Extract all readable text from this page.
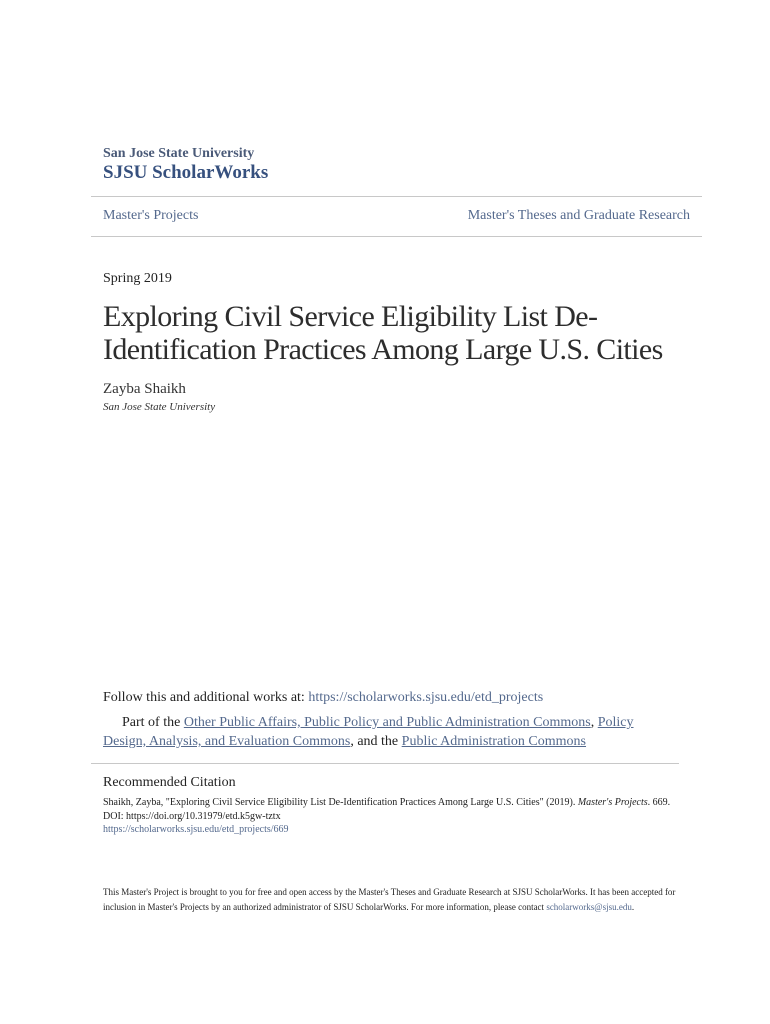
San Jose State University
SJSU ScholarWorks
Master's Projects	Master's Theses and Graduate Research
Spring 2019
Exploring Civil Service Eligibility List De-
Identification Practices Among Large U.S. Cities
Zayba Shaikh
San Jose State University
Follow this and additional works at: https://scholarworks.sjsu.edu/etd_projects
Part of the Other Public Affairs, Public Policy and Public Administration Commons, Policy Design, Analysis, and Evaluation Commons, and the Public Administration Commons
Recommended Citation
Shaikh, Zayba, "Exploring Civil Service Eligibility List De-Identification Practices Among Large U.S. Cities" (2019). Master's Projects. 669.
DOI: https://doi.org/10.31979/etd.k5gw-tztx
https://scholarworks.sjsu.edu/etd_projects/669
This Master's Project is brought to you for free and open access by the Master's Theses and Graduate Research at SJSU ScholarWorks. It has been accepted for inclusion in Master's Projects by an authorized administrator of SJSU ScholarWorks. For more information, please contact scholarworks@sjsu.edu.
